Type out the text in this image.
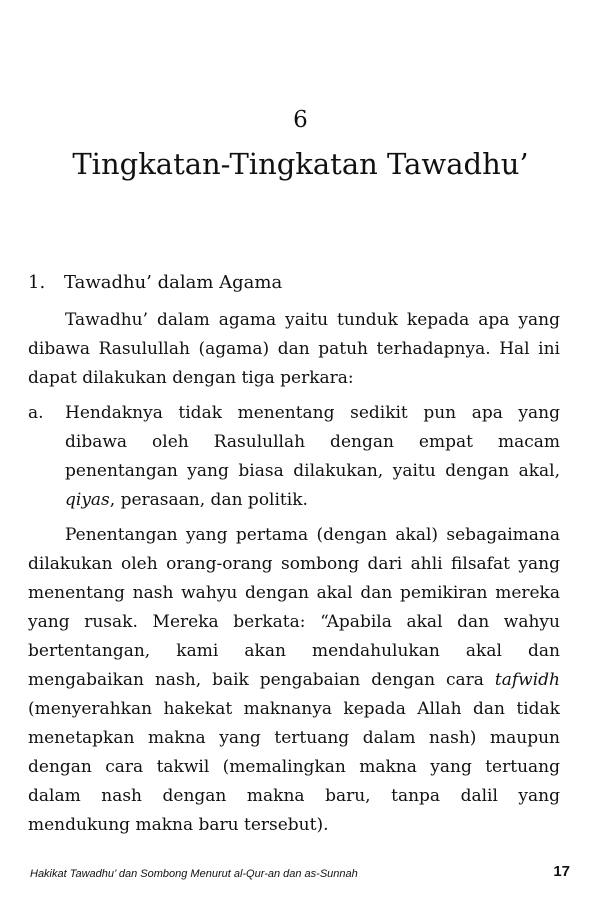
6
Tingkatan-Tingkatan Tawadhu’
1. Tawadhu’ dalam Agama
Tawadhu’ dalam agama yaitu tunduk kepada apa yang dibawa Rasulullah (agama) dan patuh terhadapnya. Hal ini dapat dilakukan dengan tiga perkara:
a.	Hendaknya tidak menentang sedikit pun apa yang dibawa oleh Rasulullah dengan empat macam penentangan yang biasa dilakukan, yaitu dengan akal, qiyas, perasaan, dan politik.
Penentangan yang pertama (dengan akal) sebagaimana dilakukan oleh orang-orang sombong dari ahli filsafat yang menentang nash wahyu dengan akal dan pemikiran mereka yang rusak. Mereka berkata: “Apabila akal dan wahyu bertentangan, kami akan mendahulukan akal dan mengabaikan nash, baik pengabaian dengan cara tafwidh (menyerahkan hakekat maknanya kepada Allah dan tidak menetapkan makna yang tertuang dalam nash) maupun dengan cara takwil (memalingkan makna yang tertuang dalam nash dengan makna baru, tanpa dalil yang mendukung makna baru tersebut).
Hakikat Tawadhu’ dan Sombong Menurut al-Qur-an dan as-Sunnah	17
